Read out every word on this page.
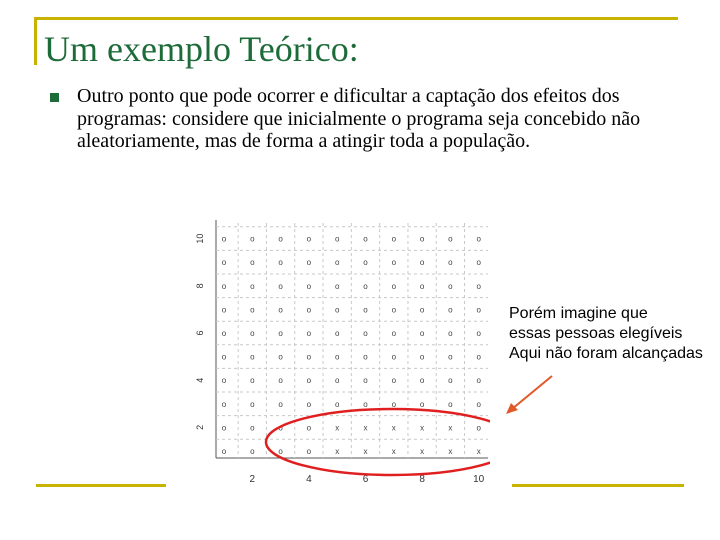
Um exemplo Teórico:
Outro ponto que pode ocorrer e dificultar a captação dos efeitos dos programas: considere que inicialmente o programa seja concebido não aleatoriamente, mas de forma a atingir toda a população.
o	o	o	o	x	x	x	x	x	x
o	o	o	o	x	x	x	x	x	o
o	o	o	o	o	o	o	o	o	o
o	o	o	o	o	o	o	o	o	o
o	o	o	o	o	o	o	o	o	o
o	o	o	o	o	o	o	o	o	o
o	o	o	o	o	o	o	o	o	o
o	o	o	o	o	o	o	o	o	o
o	o	o	o	o	o	o	o	o	o
o	o	o	o	o	o	o	o	o	o
2	4	6	8	10
2
4
6
8
10
Porém imagine que
essas pessoas elegíveis
Aqui não foram alcançadas
